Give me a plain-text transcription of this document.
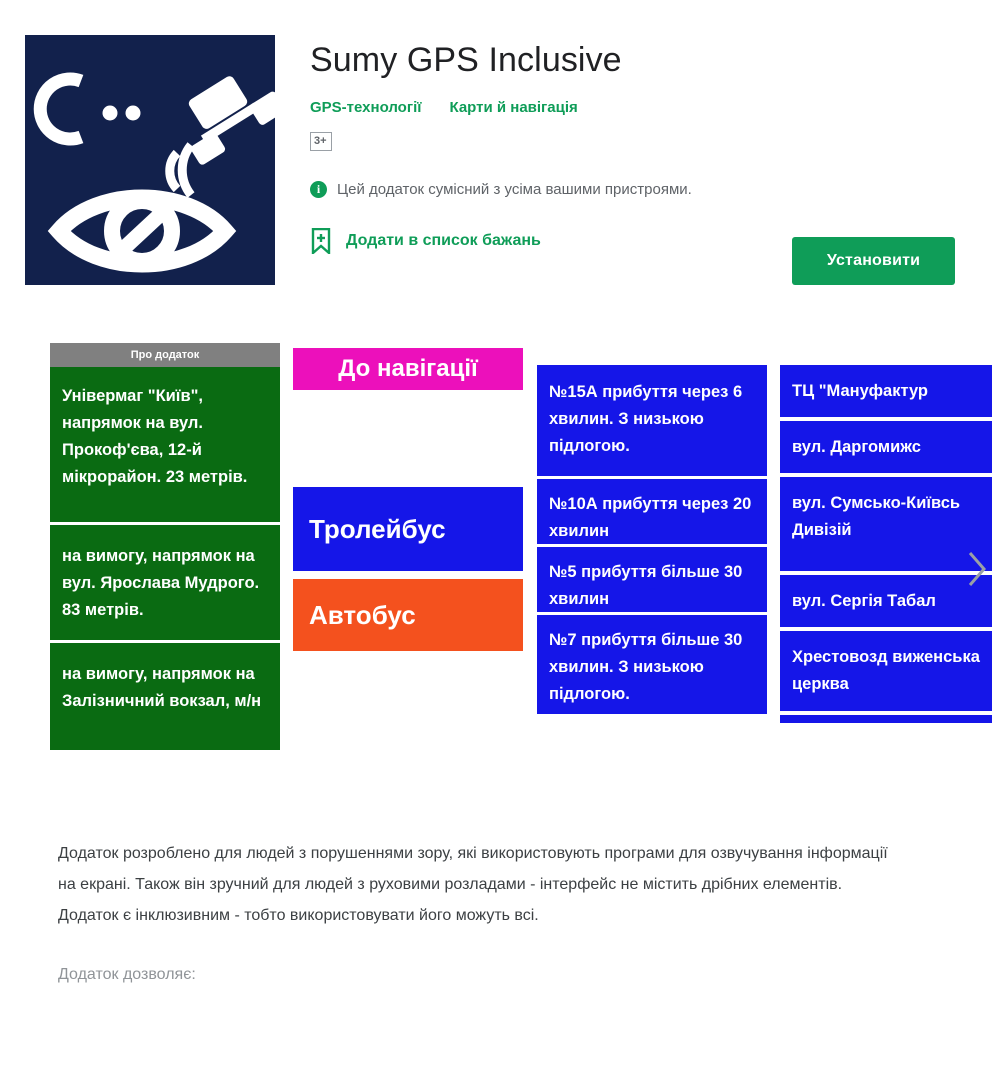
Sumy GPS Inclusive
GPS-технології Карти й навігація
3+
i	Цей додаток сумісний з усіма вашими пристроями.
Додати в список бажань
Установити
Про додаток
Універмаг "Київ", напрямок на вул. Прокоф'єва, 12-й мікрорайон. 23 метрів.
на вимогу, напрямок на вул. Ярослава Мудрого. 83 метрів.
на вимогу, напрямок на Залізничний вокзал, м/н
До навігації
Тролейбус
Автобус
№15А прибуття через 6 хвилин. З низькою підлогою.
№10А прибуття через 20 хвилин
№5 прибуття більше 30 хвилин
№7 прибуття більше 30 хвилин. З низькою підлогою.
ТЦ "Мануфактур
вул. Даргомижс
вул. Сумсько-Київсь Дивізій
вул. Сергія Табал
Хрестовозд виженська церква

Додаток розроблено для людей з порушеннями зору, які використовують програми для озвучування інформації на екрані. Також він зручний для людей з руховими розладами - інтерфейс не містить дрібних елементів.

Додаток є інклюзивним - тобто використовувати його можуть всі.

Додаток дозволяє:
